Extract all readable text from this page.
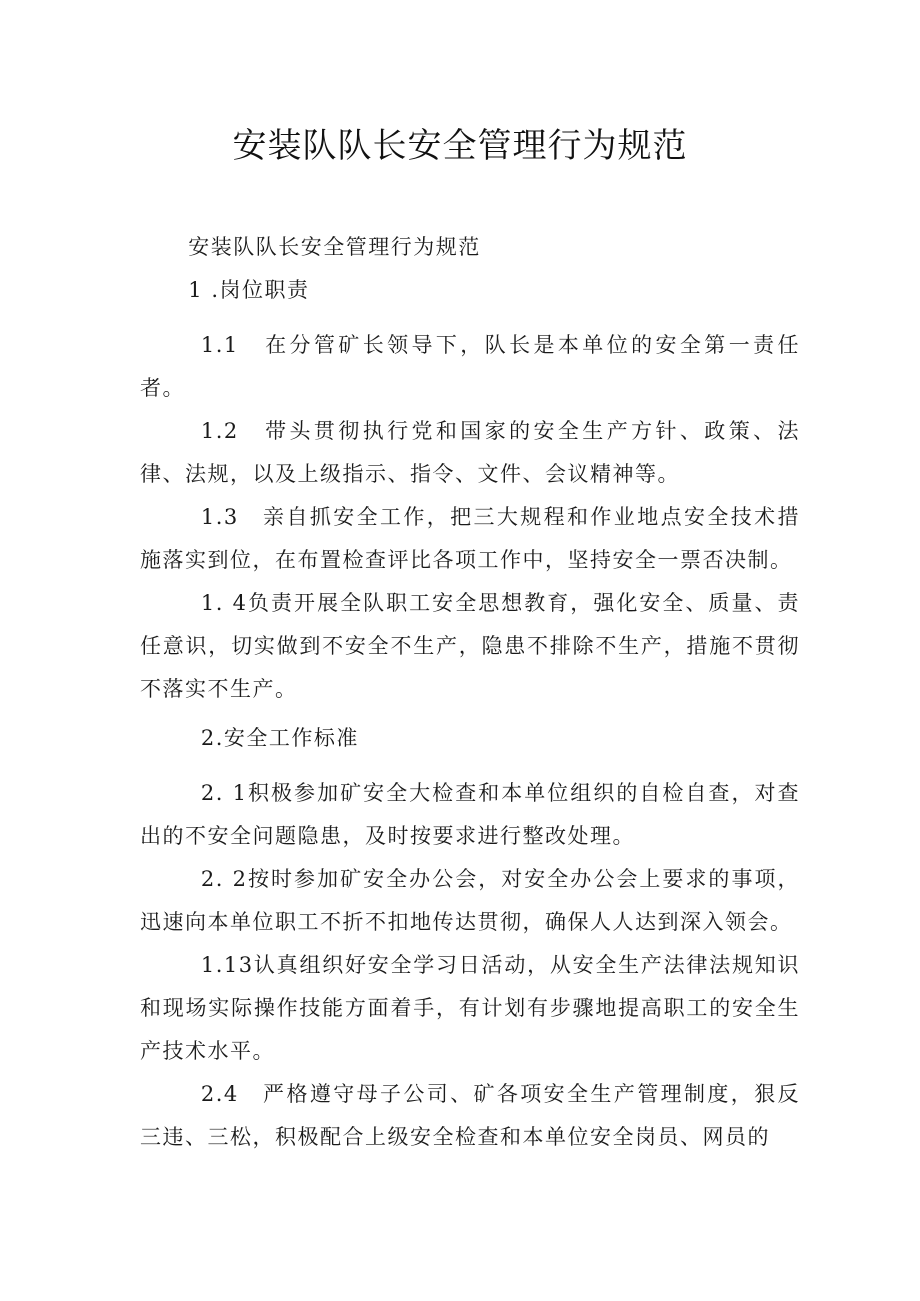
安装队队长安全管理行为规范

安装队队长安全管理行为规范

1 .岗位职责

1.1　在分管矿长领导下，队长是本单位的安全第一责任者。

1.2　带头贯彻执行党和国家的安全生产方针、政策、法律、法规，以及上级指示、指令、文件、会议精神等。

1.3　亲自抓安全工作，把三大规程和作业地点安全技术措施落实到位，在布置检查评比各项工作中，坚持安全一票否决制。

1. 4负责开展全队职工安全思想教育，强化安全、质量、责任意识，切实做到不安全不生产，隐患不排除不生产，措施不贯彻不落实不生产。

2.安全工作标准

2. 1积极参加矿安全大检查和本单位组织的自检自查，对查出的不安全问题隐患，及时按要求进行整改处理。

2. 2按时参加矿安全办公会，对安全办公会上要求的事项，迅速向本单位职工不折不扣地传达贯彻，确保人人达到深入领会。

1.13认真组织好安全学习日活动，从安全生产法律法规知识和现场实际操作技能方面着手，有计划有步骤地提高职工的安全生产技术水平。

2.4　严格遵守母子公司、矿各项安全生产管理制度，狠反三违、三松，积极配合上级安全检查和本单位安全岗员、网员的
